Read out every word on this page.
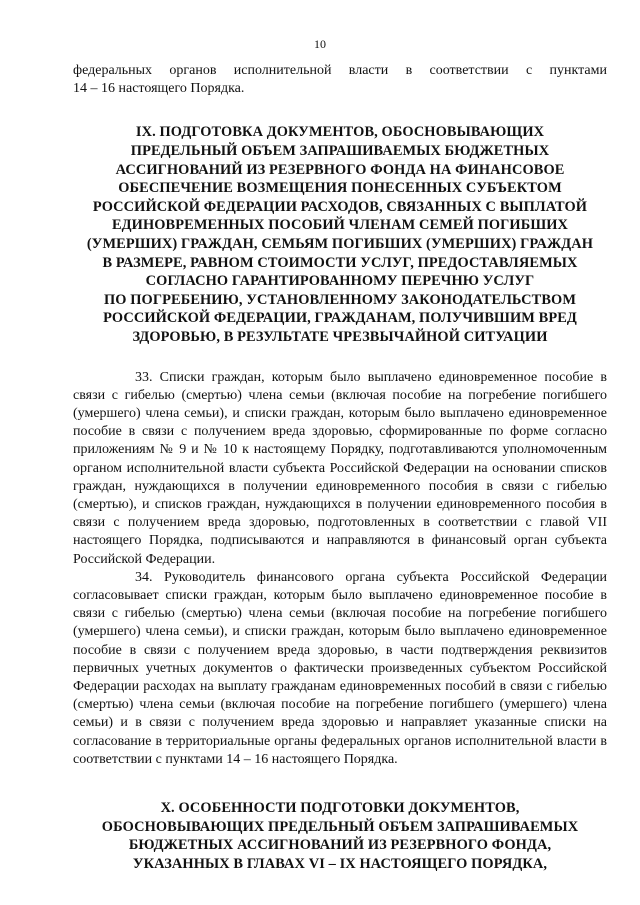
10

федеральных органов исполнительной власти в соответствии с пунктами
14 – 16 настоящего Порядка.

IX. ПОДГОТОВКА ДОКУМЕНТОВ, ОБОСНОВЫВАЮЩИХ
ПРЕДЕЛЬНЫЙ ОБЪЕМ ЗАПРАШИВАЕМЫХ БЮДЖЕТНЫХ
АССИГНОВАНИЙ ИЗ РЕЗЕРВНОГО ФОНДА НА ФИНАНСОВОЕ
ОБЕСПЕЧЕНИЕ ВОЗМЕЩЕНИЯ ПОНЕСЕННЫХ СУБЪЕКТОМ
РОССИЙСКОЙ ФЕДЕРАЦИИ РАСХОДОВ, СВЯЗАННЫХ С ВЫПЛАТОЙ
ЕДИНОВРЕМЕННЫХ ПОСОБИЙ ЧЛЕНАМ СЕМЕЙ ПОГИБШИХ
(УМЕРШИХ) ГРАЖДАН, СЕМЬЯМ ПОГИБШИХ (УМЕРШИХ) ГРАЖДАН
В РАЗМЕРЕ, РАВНОМ СТОИМОСТИ УСЛУГ, ПРЕДОСТАВЛЯЕМЫХ
СОГЛАСНО ГАРАНТИРОВАННОМУ ПЕРЕЧНЮ УСЛУГ
ПО ПОГРЕБЕНИЮ, УСТАНОВЛЕННОМУ ЗАКОНОДАТЕЛЬСТВОМ
РОССИЙСКОЙ ФЕДЕРАЦИИ, ГРАЖДАНАМ, ПОЛУЧИВШИМ ВРЕД
ЗДОРОВЬЮ, В РЕЗУЛЬТАТЕ ЧРЕЗВЫЧАЙНОЙ СИТУАЦИИ

33. Списки граждан, которым было выплачено единовременное пособие в связи с гибелью (смертью) члена семьи (включая пособие на погребение погибшего (умершего) члена семьи), и списки граждан, которым было выплачено единовременное пособие в связи с получением вреда здоровью, сформированные по форме согласно приложениям № 9 и № 10 к настоящему Порядку, подготавливаются уполномоченным органом исполнительной власти субъекта Российской Федерации на основании списков граждан, нуждающихся в получении единовременного пособия в связи с гибелью (смертью), и списков граждан, нуждающихся в получении единовременного пособия в связи с получением вреда здоровью, подготовленных в соответствии с главой VII настоящего Порядка, подписываются и направляются в финансовый орган субъекта Российской Федерации.

34. Руководитель финансового органа субъекта Российской Федерации согласовывает списки граждан, которым было выплачено единовременное пособие в связи с гибелью (смертью) члена семьи (включая пособие на погребение погибшего (умершего) члена семьи), и списки граждан, которым было выплачено единовременное пособие в связи с получением вреда здоровью, в части подтверждения реквизитов первичных учетных документов о фактически произведенных субъектом Российской Федерации расходах на выплату гражданам единовременных пособий в связи с гибелью (смертью) члена семьи (включая пособие на погребение погибшего (умершего) члена семьи) и в связи с получением вреда здоровью и направляет указанные списки на согласование в территориальные органы федеральных органов исполнительной власти в соответствии с пунктами 14 – 16 настоящего Порядка.

X. ОСОБЕННОСТИ ПОДГОТОВКИ ДОКУМЕНТОВ,
ОБОСНОВЫВАЮЩИХ ПРЕДЕЛЬНЫЙ ОБЪЕМ ЗАПРАШИВАЕМЫХ
БЮДЖЕТНЫХ АССИГНОВАНИЙ ИЗ РЕЗЕРВНОГО ФОНДА,
УКАЗАННЫХ В ГЛАВАХ VI – IX НАСТОЯЩЕГО ПОРЯДКА,
